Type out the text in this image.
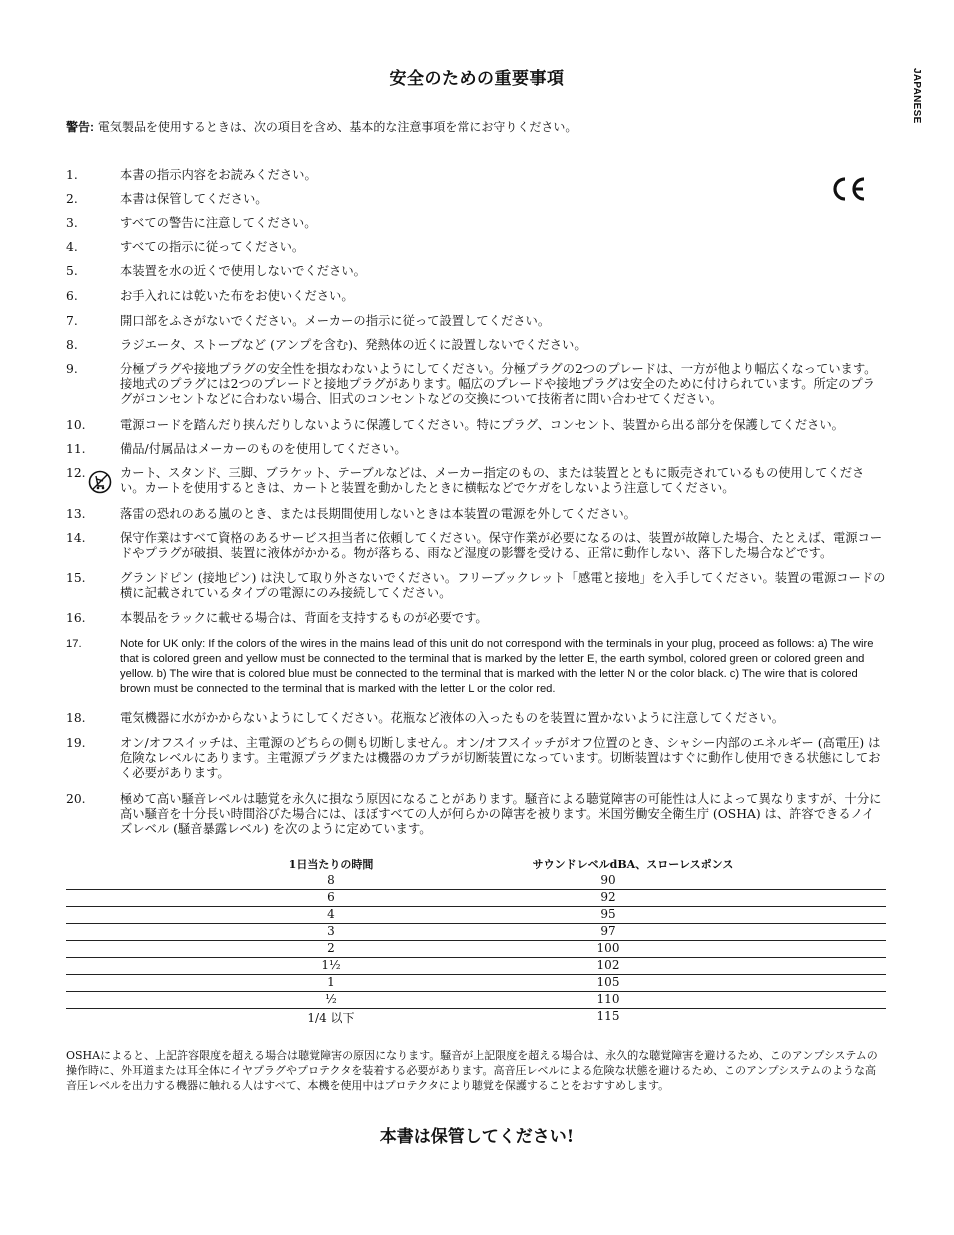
安全のための重要事項	JAPANESE
警告: 電気製品を使用するときは、次の項目を含め、基本的な注意事項を常にお守りください。
1.	本書の指示内容をお読みください。
2.	本書は保管してください。
3.	すべての警告に注意してください。
4.	すべての指示に従ってください。
5.	本装置を水の近くで使用しないでください。
6.	お手入れには乾いた布をお使いください。
7.	開口部をふさがないでください。メーカーの指示に従って設置してください。
8.	ラジエータ、ストーブなど (アンプを含む)、発熱体の近くに設置しないでください。
9.	分極プラグや接地プラグの安全性を損なわないようにしてください。分極プラグの2つのプレードは、一方が他より幅広くなっています。接地式のプラグには2つのプレードと接地プラグがあります。幅広のプレードや接地プラグは安全のために付けられています。所定のプラグがコンセントなどに合わない場合、旧式のコンセントなどの交換について技術者に問い合わせてください。
10.	電源コードを踏んだり挟んだりしないように保護してください。特にプラグ、コンセント、装置から出る部分を保護してください。
11.	備品/付属品はメーカーのものを使用してください。
12.	カート、スタンド、三脚、ブラケット、テーブルなどは、メーカー指定のもの、または装置とともに販売されているもの使用してください。カートを使用するときは、カートと装置を動かしたときに横転などでケガをしないよう注意してください。
13.	落雷の恐れのある嵐のとき、または長期間使用しないときは本装置の電源を外してください。
14.	保守作業はすべて資格のあるサービス担当者に依頼してください。保守作業が必要になるのは、装置が故障した場合、たとえば、電源コードやプラグが破損、装置に液体がかかる。物が落ちる、雨など湿度の影響を受ける、正常に動作しない、落下した場合などです。
15.	グランドピン (接地ピン) は決して取り外さないでください。フリーブックレット「感電と接地」を入手してください。装置の電源コードの横に記載されているタイプの電源にのみ接続してください。
16.	本製品をラックに載せる場合は、背面を支持するものが必要です。
17.	Note for UK only: If the colors of the wires in the mains lead of this unit do not correspond with the terminals in your plug, proceed as follows: a) The wire that is colored green and yellow must be connected to the terminal that is marked by the letter E, the earth symbol, colored green or colored green and yellow. b) The wire that is colored blue must be connected to the terminal that is marked with the letter N or the color black. c) The wire that is colored brown must be connected to the terminal that is marked with the letter L or the color red.
18.	電気機器に水がかからないようにしてください。花瓶など液体の入ったものを装置に置かないように注意してください。
19.	オン/オフスイッチは、主電源のどちらの側も切断しません。オン/オフスイッチがオフ位置のとき、シャシー内部のエネルギー (高電圧) は危険なレベルにあります。主電源プラグまたは機器のカプラが切断装置になっています。切断装置はすぐに動作し使用できる状態にしておく必要があります。
20.	極めて高い騒音レベルは聴覚を永久に損なう原因になることがあります。騒音による聴覚障害の可能性は人によって異なりますが、十分に高い騒音を十分長い時間浴びた場合には、ほぼすべての人が何らかの障害を被ります。米国労働安全衛生庁 (OSHA) は、許容できるノイズレベル (騒音暴露レベル) を次のように定めています。
1日当たりの時間	サウンドレベルdBA、スローレスポンス
8	90
6	92
4	95
3	97
2	100
1½	102
1	105
½	110
1/4 以下	115
OSHAによると、上記許容限度を超える場合は聴覚障害の原因になります。騒音が上記限度を超える場合は、永久的な聴覚障害を避けるため、このアンプシステムの操作時に、外耳道または耳全体にイヤプラグやプロテクタを装着する必要があります。高音圧レベルによる危険な状態を避けるため、このアンプシステムのような高音圧レベルを出力する機器に触れる人はすべて、本機を使用中はプロテクタにより聴覚を保護することをおすすめします。
本書は保管してください!
